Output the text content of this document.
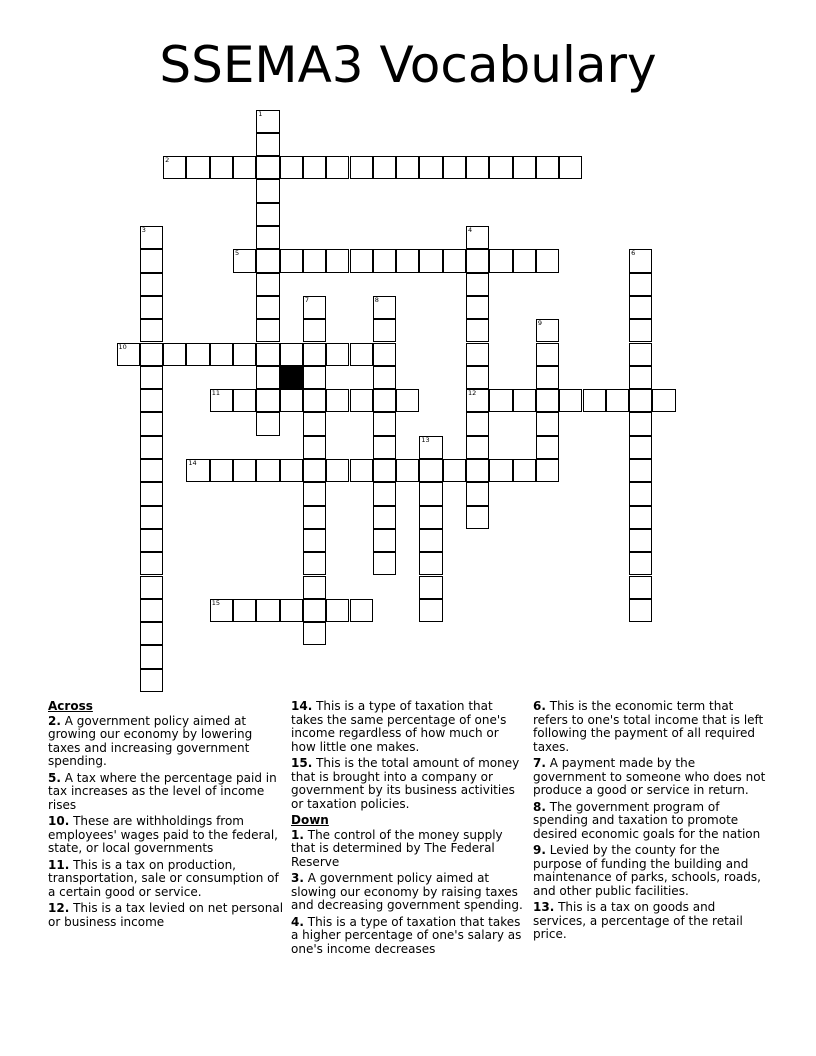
SSEMA3 Vocabulary
1
2
3	4
12
5	6
7	8
9
10
11
13
14
15
Across
2. A government policy aimed at growing our economy by lowering taxes and increasing government spending.
5. A tax where the percentage paid in tax increases as the level of income rises
10. These are withholdings from employees' wages paid to the federal, state, or local governments
11. This is a tax on production, transportation, sale or consumption of a certain good or service.
12. This is a tax levied on net personal or business income
14. This is a type of taxation that takes the same percentage of one's income regardless of how much or how little one makes.
15. This is the total amount of money that is brought into a company or government by its business activities or taxation policies.
Down
1. The control of the money supply that is determined by The Federal Reserve
3. A government policy aimed at slowing our economy by raising taxes and decreasing government spending.
4. This is a type of taxation that takes a higher percentage of one's salary as one's income decreases
6. This is the economic term that refers to one's total income that is left following the payment of all required taxes.
7. A payment made by the government to someone who does not produce a good or service in return.
8. The government program of spending and taxation to promote desired economic goals for the nation
9. Levied by the county for the purpose of funding the building and maintenance of parks, schools, roads, and other public facilities.
13. This is a tax on goods and services, a percentage of the retail price.
